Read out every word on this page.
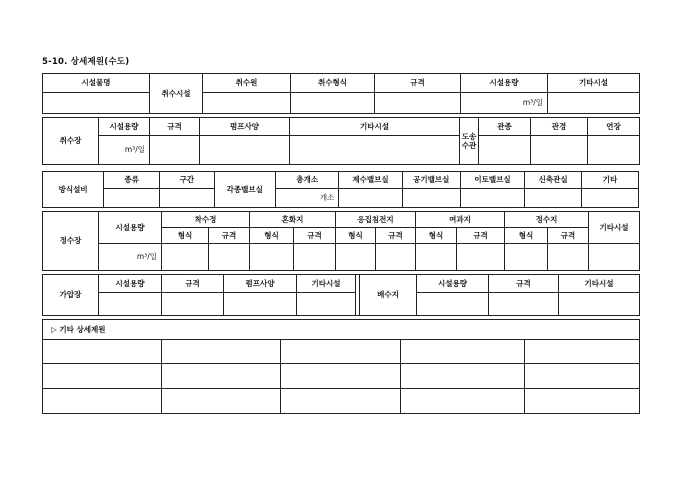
5-10. 상세제원(수도)
시설물명	취수시설	취수원	취수형식	규격	시설용량	기타시설
					m³/일	
취수장	시설용량	규격	펌프사양	기타시설	도송수관	관종	관경	연장
	m³/일							
방식설비	종류	구간	각종밸브실	총개소	제수밸브실	공기밸브실	이토밸브실	신축관실	기타
				개소					
정수장	시설용량	착수정		혼화지		응집침전지		여과지		정수지		기타시설
		형식	규격	형식	규격	형식	규격	형식	규격	형식	규격	
	m³/일											
가압장	시설용량	규격	펌프사양	기타시설		배수지	시설용량	규격	기타시설

▷ 기타 상세제원				
